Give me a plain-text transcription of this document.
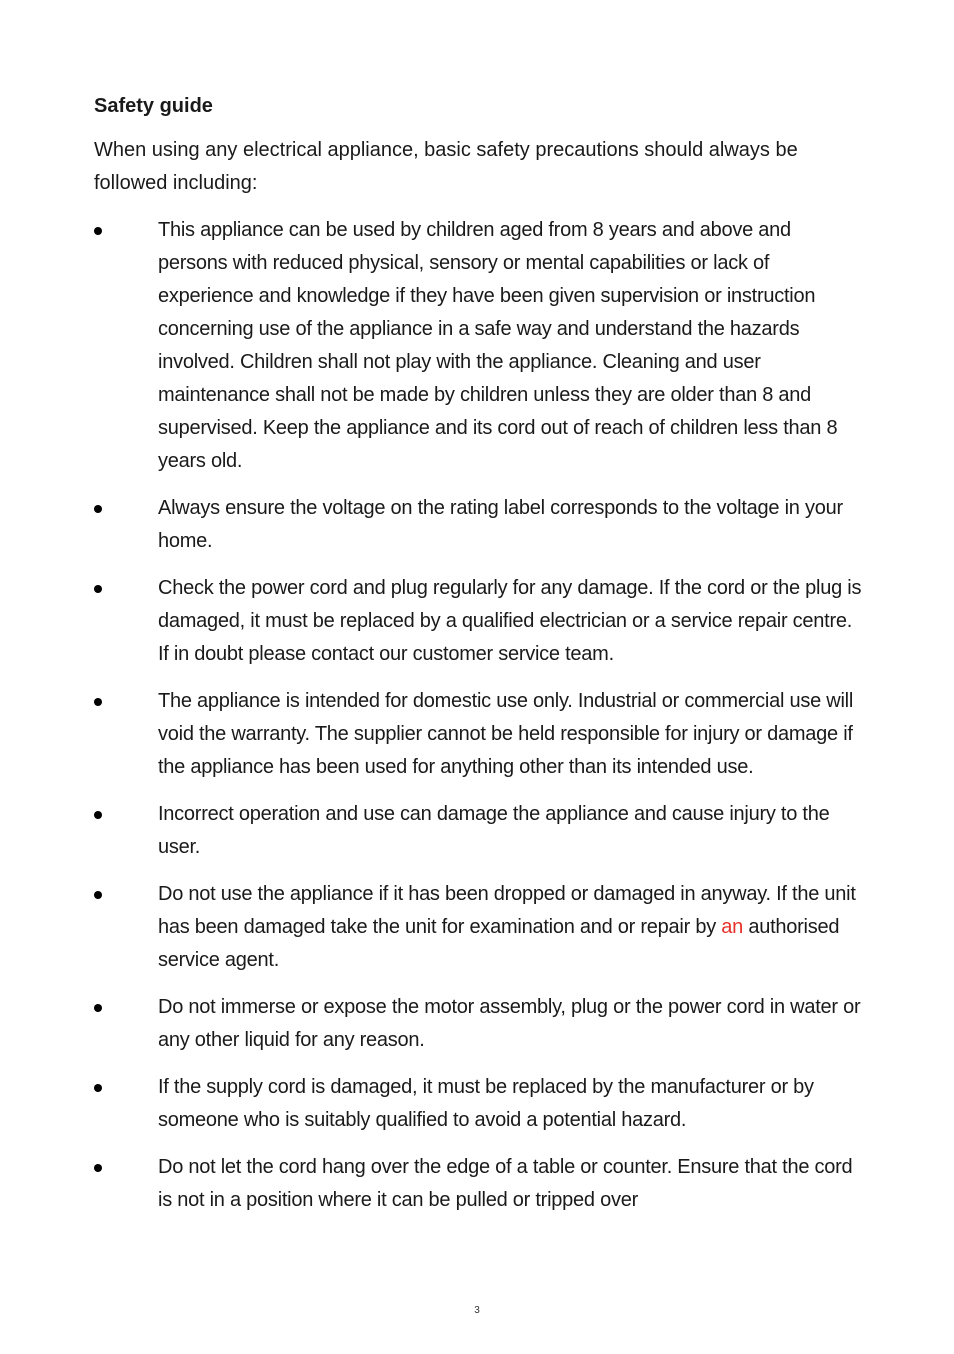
Safety guide
When using any electrical appliance, basic safety precautions should always be followed including:
This appliance can be used by children aged from 8 years and above and persons with reduced physical, sensory or mental capabilities or lack of experience and knowledge if they have been given supervision or instruction concerning use of the appliance in a safe way and understand the hazards involved. Children shall not play with the appliance. Cleaning and user maintenance shall not be made by children unless they are older than 8 and supervised. Keep the appliance and its cord out of reach of children less than 8 years old.
Always ensure the voltage on the rating label corresponds to the voltage in your home.
Check the power cord and plug regularly for any damage. If the cord or the plug is damaged, it must be replaced by a qualified electrician or a service repair centre. If in doubt please contact our customer service team.
The appliance is intended for domestic use only. Industrial or commercial use will void the warranty. The supplier cannot be held responsible for injury or damage if the appliance has been used for anything other than its intended use.
Incorrect operation and use can damage the appliance and cause injury to the user.
Do not use the appliance if it has been dropped or damaged in anyway. If the unit has been damaged take the unit for examination and or repair by an authorised service agent.
Do not immerse or expose the motor assembly, plug or the power cord in water or any other liquid for any reason.
If the supply cord is damaged, it must be replaced by the manufacturer or by someone who is suitably qualified to avoid a potential hazard.
Do not let the cord hang over the edge of a table or counter. Ensure that the cord is not in a position where it can be pulled or tripped over
3
